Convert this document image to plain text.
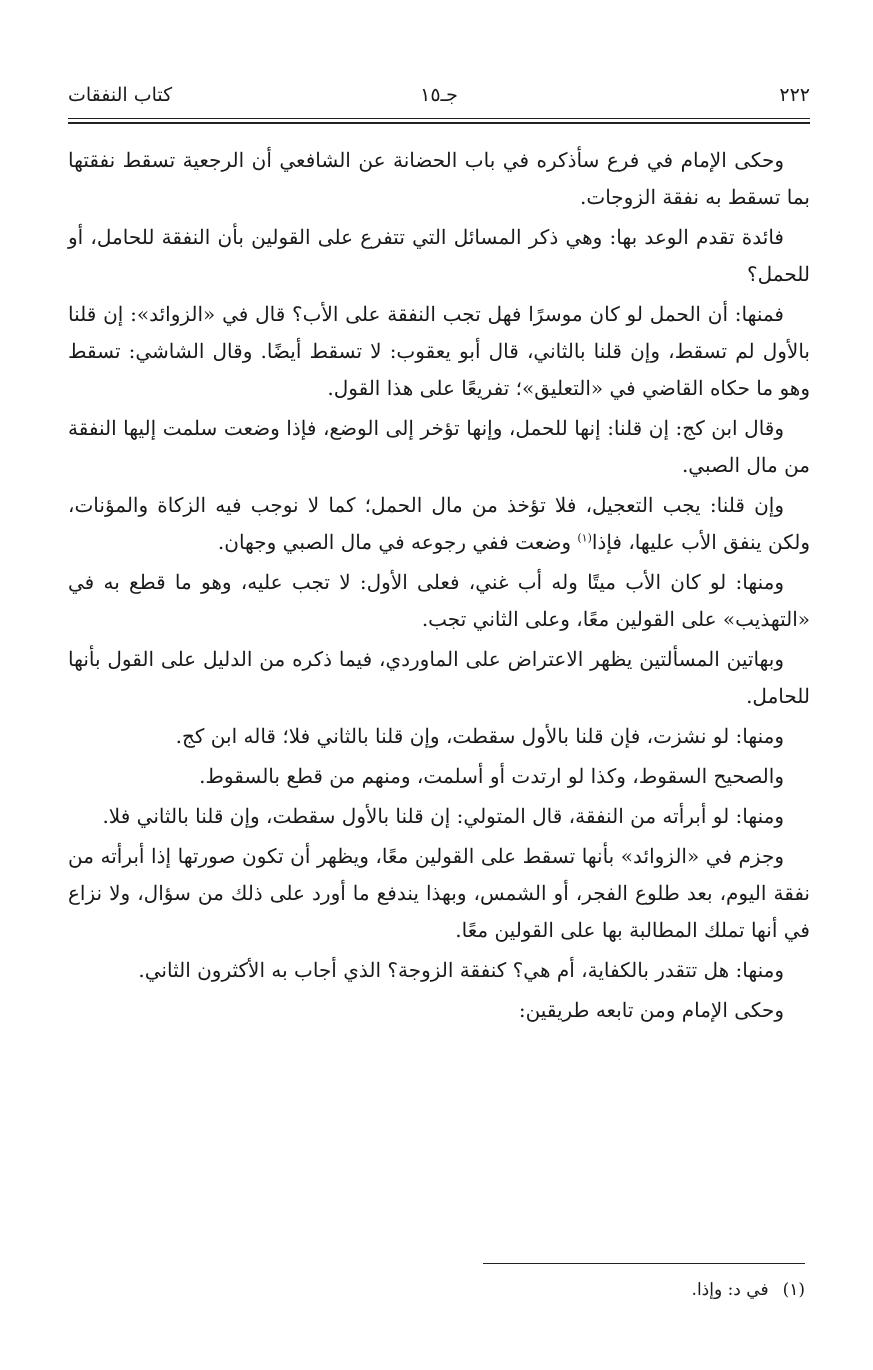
٢٢٢
جـ١٥
كتاب النفقات

وحكى الإمام في فرع سأذكره في باب الحضانة عن الشافعي أن الرجعية تسقط نفقتها بما تسقط به نفقة الزوجات.

فائدة تقدم الوعد بها: وهي ذكر المسائل التي تتفرع على القولين بأن النفقة للحامل، أو للحمل؟

فمنها: أن الحمل لو كان موسرًا فهل تجب النفقة على الأب؟ قال في «الزوائد»: إن قلنا بالأول لم تسقط، وإن قلنا بالثاني، قال أبو يعقوب: لا تسقط أيضًا. وقال الشاشي: تسقط وهو ما حكاه القاضي في «التعليق»؛ تفريعًا على هذا القول.

وقال ابن كج: إن قلنا: إنها للحمل، وإنها تؤخر إلى الوضع، فإذا وضعت سلمت إليها النفقة من مال الصبي.

وإن قلنا: يجب التعجيل، فلا تؤخذ من مال الحمل؛ كما لا نوجب فيه الزكاة والمؤنات، ولكن ينفق الأب عليها، فإذا$^{(١)}$ وضعت ففي رجوعه في مال الصبي وجهان.

ومنها: لو كان الأب ميتًا وله أب غني، فعلى الأول: لا تجب عليه، وهو ما قطع به في «التهذيب» على القولين معًا، وعلى الثاني تجب.

وبهاتين المسألتين يظهر الاعتراض على الماوردي، فيما ذكره من الدليل على القول بأنها للحامل.

ومنها: لو نشزت، فإن قلنا بالأول سقطت، وإن قلنا بالثاني فلا؛ قاله ابن كج.

والصحيح السقوط، وكذا لو ارتدت أو أسلمت، ومنهم من قطع بالسقوط.

ومنها: لو أبرأته من النفقة، قال المتولي: إن قلنا بالأول سقطت، وإن قلنا بالثاني فلا.

وجزم في «الزوائد» بأنها تسقط على القولين معًا، ويظهر أن تكون صورتها إذا أبرأته من نفقة اليوم، بعد طلوع الفجر، أو الشمس، وبهذا يندفع ما أورد على ذلك من سؤال، ولا نزاع في أنها تملك المطالبة بها على القولين معًا.

ومنها: هل تتقدر بالكفاية، أم هي؟ كنفقة الزوجة؟ الذي أجاب به الأكثرون الثاني.

وحكى الإمام ومن تابعه طريقين:

(١)في د: وإذا.
